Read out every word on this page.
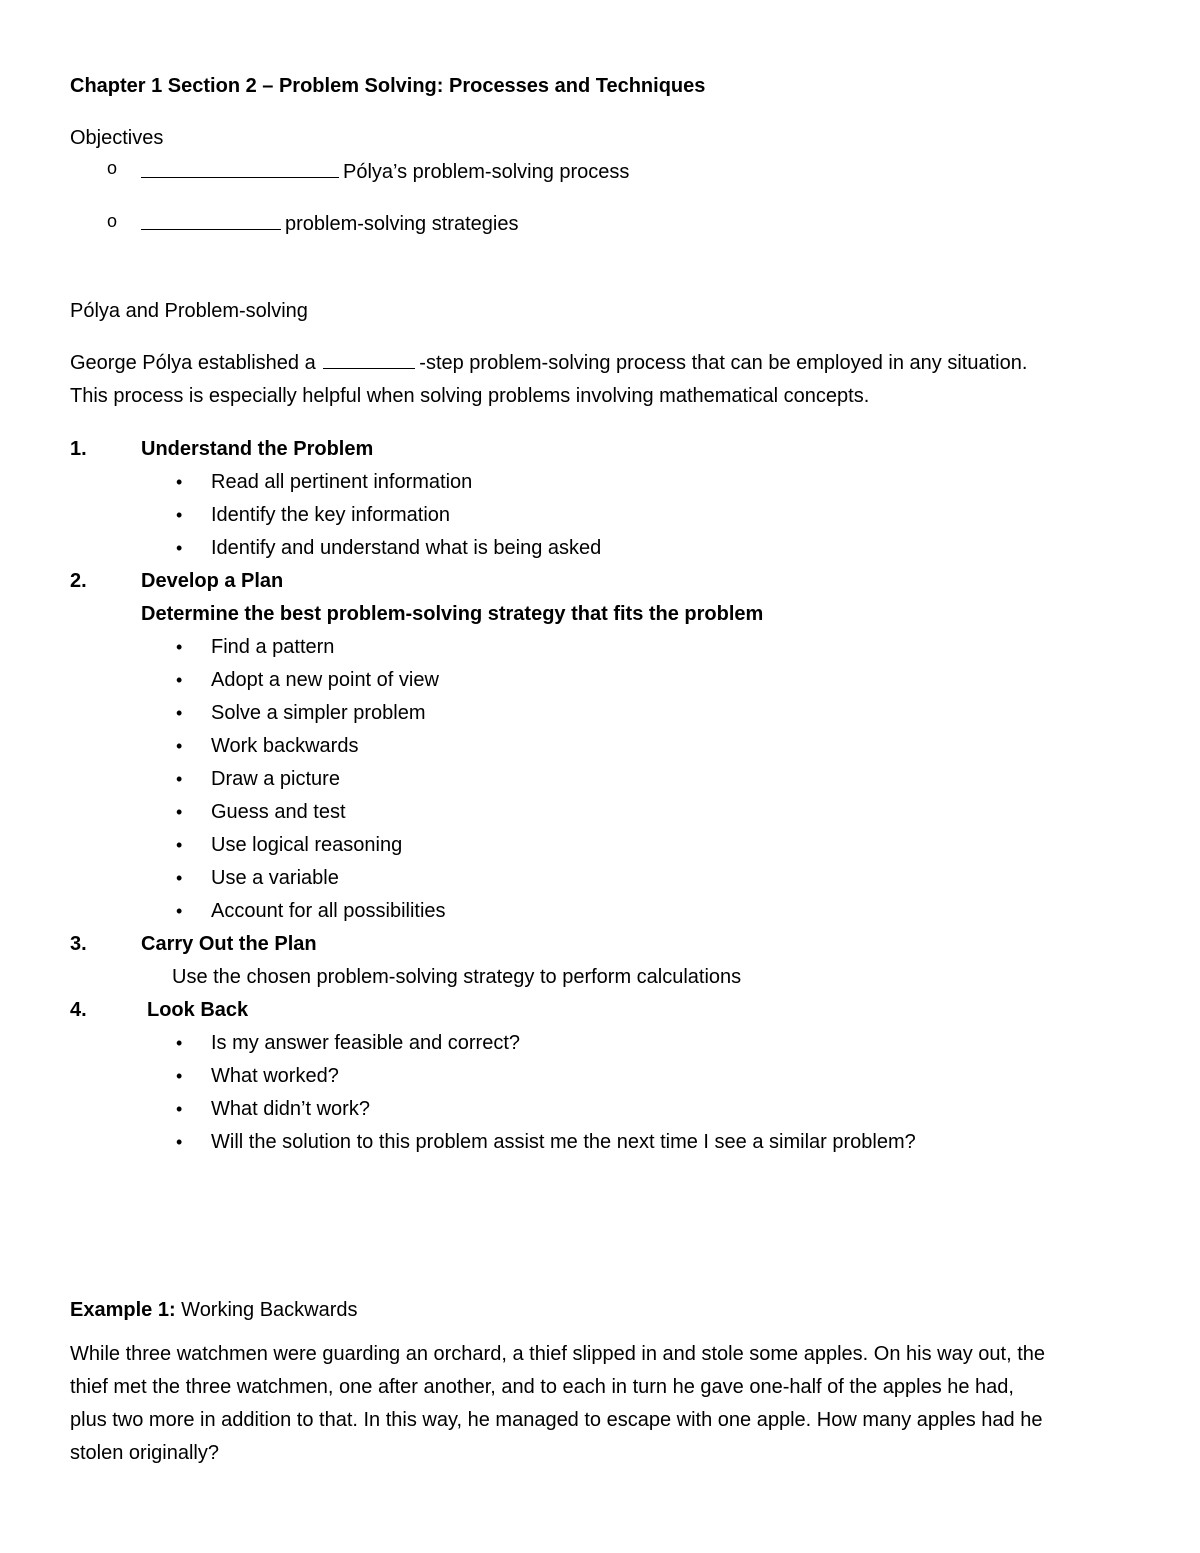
Chapter 1 Section 2 – Problem Solving: Processes and Techniques
Objectives
o	Pólya’s problem-solving process
o	problem-solving strategies
Pólya and Problem-solving
George Pólya established a	-step problem-solving process that can be employed in any situation.
This process is especially helpful when solving problems involving mathematical concepts.
1.	Understand the Problem
• Read all pertinent information
• Identify the key information
• Identify and understand what is being asked
2.	Develop a Plan
Determine the best problem-solving strategy that fits the problem
• Find a pattern
• Adopt a new point of view
• Solve a simpler problem
• Work backwards
• Draw a picture
• Guess and test
• Use logical reasoning
• Use a variable
• Account for all possibilities
3.	Carry Out the Plan
Use the chosen problem-solving strategy to perform calculations
4.	Look Back
• Is my answer feasible and correct?
• What worked?
• What didn’t work?
• Will the solution to this problem assist me the next time I see a similar problem?
Example 1: Working Backwards
While three watchmen were guarding an orchard, a thief slipped in and stole some apples. On his way out, the
thief met the three watchmen, one after another, and to each in turn he gave one-half of the apples he had,
plus two more in addition to that. In this way, he managed to escape with one apple. How many apples had he
stolen originally?
